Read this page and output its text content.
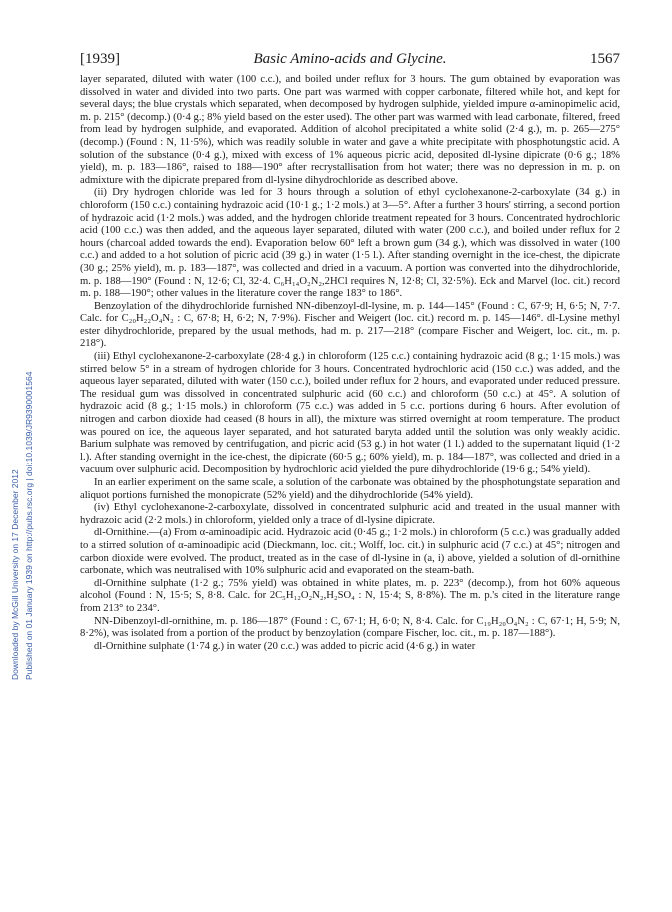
[1939]	Basic Amino-acids and Glycine.	1567
Downloaded by McGill University on 17 December 2012 Published on 01 January 1939 on http://pubs.rsc.org | doi:10.1039/JR9390001564

layer separated, diluted with water (100 c.c.), and boiled under reflux for 3 hours. The gum obtained by evaporation was dissolved in water and divided into two parts. One part was warmed with copper carbonate, filtered while hot, and kept for several days; the blue crystals which separated, when decomposed by hydrogen sulphide, yielded impure α-aminopimelic acid, m. p. 215° (decomp.) (0·4 g.; 8% yield based on the ester used). The other part was warmed with lead carbonate, filtered, freed from lead by hydrogen sulphide, and evaporated. Addition of alcohol precipitated a white solid (2·4 g.), m. p. 265—275° (decomp.) (Found : N, 11·5%), which was readily soluble in water and gave a white precipitate with phosphotungstic acid. A solution of the substance (0·4 g.), mixed with excess of 1% aqueous picric acid, deposited dl-lysine dipicrate (0·6 g.; 18% yield), m. p. 183—186°, raised to 188—190° after recrystallisation from hot water; there was no depression in m. p. on admixture with the dipicrate prepared from dl-lysine dihydrochloride as described above.

(ii) Dry hydrogen chloride was led for 3 hours through a solution of ethyl cyclohexanone-2-carboxylate (34 g.) in chloroform (150 c.c.) containing hydrazoic acid (10·1 g.; 1·2 mols.) at 3—5°. After a further 3 hours' stirring, a second portion of hydrazoic acid (1·2 mols.) was added, and the hydrogen chloride treatment repeated for 3 hours. Concentrated hydrochloric acid (100 c.c.) was then added, and the aqueous layer separated, diluted with water (200 c.c.), and boiled under reflux for 2 hours (charcoal added towards the end). Evaporation below 60° left a brown gum (34 g.), which was dissolved in water (100 c.c.) and added to a hot solution of picric acid (39 g.) in water (1·5 l.). After standing overnight in the ice-chest, the dipicrate (30 g.; 25% yield), m. p. 183—187°, was collected and dried in a vacuum. A portion was converted into the dihydrochloride, m. p. 188—190° (Found : N, 12·6; Cl, 32·4. C₆H₁₄O₂N₂,2HCl requires N, 12·8; Cl, 32·5%). Eck and Marvel (loc. cit.) record m. p. 188—190°; other values in the literature cover the range 183° to 186°.

Benzoylation of the dihydrochloride furnished NN-dibenzoyl-dl-lysine, m. p. 144—145° (Found : C, 67·9; H, 6·5; N, 7·7. Calc. for C₂₀H₂₂O₄N₂ : C, 67·8; H, 6·2; N, 7·9%). Fischer and Weigert (loc. cit.) record m. p. 145—146°. dl-Lysine methyl ester dihydrochloride, prepared by the usual methods, had m. p. 217—218° (compare Fischer and Weigert, loc. cit., m. p. 218°).

(iii) Ethyl cyclohexanone-2-carboxylate (28·4 g.) in chloroform (125 c.c.) containing hydrazoic acid (8 g.; 1·15 mols.) was stirred below 5° in a stream of hydrogen chloride for 3 hours. Concentrated hydrochloric acid (150 c.c.) was added, and the aqueous layer separated, diluted with water (150 c.c.), boiled under reflux for 2 hours, and evaporated under reduced pressure. The residual gum was dissolved in concentrated sulphuric acid (60 c.c.) and chloroform (50 c.c.) at 45°. A solution of hydrazoic acid (8 g.; 1·15 mols.) in chloroform (75 c.c.) was added in 5 c.c. portions during 6 hours. After evolution of nitrogen and carbon dioxide had ceased (8 hours in all), the mixture was stirred overnight at room temperature. The product was poured on ice, the aqueous layer separated, and hot saturated baryta added until the solution was only weakly acidic. Barium sulphate was removed by centrifugation, and picric acid (53 g.) in hot water (1 l.) added to the supernatant liquid (1·2 l.). After standing overnight in the ice-chest, the dipicrate (60·5 g.; 60% yield), m. p. 184—187°, was collected and dried in a vacuum over sulphuric acid. Decomposition by hydrochloric acid yielded the pure dihydrochloride (19·6 g.; 54% yield).

In an earlier experiment on the same scale, a solution of the carbonate was obtained by the phosphotungstate separation and aliquot portions furnished the monopicrate (52% yield) and the dihydrochloride (54% yield).

(iv) Ethyl cyclohexanone-2-carboxylate, dissolved in concentrated sulphuric acid and treated in the usual manner with hydrazoic acid (2·2 mols.) in chloroform, yielded only a trace of dl-lysine dipicrate.

dl-Ornithine.—(a) From α-aminoadipic acid. Hydrazoic acid (0·45 g.; 1·2 mols.) in chloroform (5 c.c.) was gradually added to a stirred solution of α-aminoadipic acid (Dieckmann, loc. cit.; Wolff, loc. cit.) in sulphuric acid (7 c.c.) at 45°; nitrogen and carbon dioxide were evolved. The product, treated as in the case of dl-lysine in (a, i) above, yielded a solution of dl-ornithine carbonate, which was neutralised with 10% sulphuric acid and evaporated on the steam-bath.

dl-Ornithine sulphate (1·2 g.; 75% yield) was obtained in white plates, m. p. 223° (decomp.), from hot 60% aqueous alcohol (Found : N, 15·5; S, 8·8. Calc. for 2C₅H₁₂O₂N₂,H₂SO₄ : N, 15·4; S, 8·8%). The m. p.'s cited in the literature range from 213° to 234°.

NN-Dibenzoyl-dl-ornithine, m. p. 186—187° (Found : C, 67·1; H, 6·0; N, 8·4. Calc. for C₁₉H₂₀O₄N₂ : C, 67·1; H, 5·9; N, 8·2%), was isolated from a portion of the product by benzoylation (compare Fischer, loc. cit., m. p. 187—188°).

dl-Ornithine sulphate (1·74 g.) in water (20 c.c.) was added to picric acid (4·6 g.) in water
